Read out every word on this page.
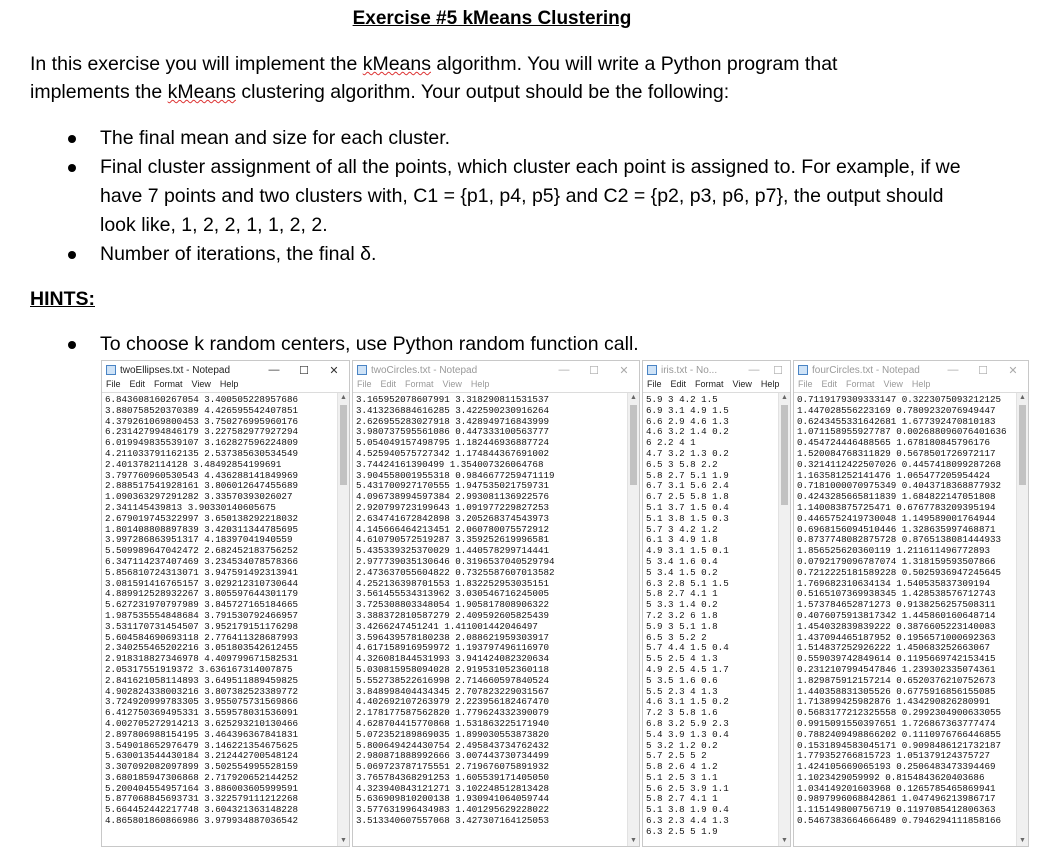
Exercise #5 kMeans Clustering
In this exercise you will implement the kMeans algorithm. You will write a Python program that
implements the kMeans clustering algorithm. Your output should be the following:
The final mean and size for each cluster.
Final cluster assignment of all the points, which cluster each point is assigned to. For example, if we have 7 points and two clusters with, C1 = {p1, p4, p5} and C2 = {p2, p3, p6, p7}, the output should look like, 1, 2, 2, 1, 1, 2, 2.
Number of iterations, the final δ.
HINTS:
To choose k random centers, use Python random function call.
twoEllipses.txt - Notepad	—	☐	✕
File Edit Format View Help
6.843608160267054 3.400505228957686
3.880758520370389 4.426595542407851
4.379261069800453 3.750276995960176
6.231427994846179 3.227582977927294
6.019949835539107 3.162827596224809
4.211033791162135 2.537385630534549
2.4013782114128 3.48492854199691
3.797760960530543 4.436288141849969
2.888517541928161 3.806012647455689
1.090363297291282 3.33570393026027
2.341145439813 3.90330140605675
2.679019745322997 3.650138292218032
1.801408808897839 3.420311344785695
3.997286863951317 4.18397041940559
5.509989647042472 2.682452183756252
6.347114237407469 3.234534078578366
5.856810724313071 3.947591492313941
3.081591416765157 3.029212310730644
4.889912528932267 3.805597644301179
5.627231970797989 3.845727165184665
1.987535554848684 3.791530792466957
3.531170731454507 3.952179151176298
5.604584690693118 2.776411328687993
2.340255465202216 3.051803542612455
2.918318827346978 4.409799671582531
2.05317551919372 3.636167314007875
2.841621058114893 3.649511889459825
4.902824338003216 3.807382523389772
3.724920999783305 3.955075731569866
6.412750369495331 3.559578031536091
4.002705272914213 3.625293210130466
2.897806988154195 3.464396367841831
3.549018652976479 3.146221354675625
5.630013544430184 3.212442700548124
3.307092082097899 3.502554995528159
3.680185947306868 2.717920652144252
5.200404554957164 3.886003605999591
5.877068845693731 3.322579111212268
5.664452442217748 3.604321363148228
4.865801860866986 3.979934887036542
▲
▼
twoCircles.txt - Notepad	—	☐	✕
File Edit Format View Help
3.165952078607991 3.318290811531537
3.413236884616285 3.422590230916264
2.626955283027918 3.428949716843999
3.980737595561086 0.447333100563777
5.054049157498795 1.182446936887724
4.525940575727342 1.174844367691002
3.74424161390499 1.354007326064768
3.904558001955318 0.9846677259471119
5.431700927170555 1.947535021759731
4.096738994597384 2.993081136922576
2.920799723199643 1.091977229827253
2.634741672842898 3.205268374543973
4.145666464213451 2.060780075572912
4.610790572519287 3.359252619996581
5.435339325370029 1.440578299714441
2.977739035130646 0.3196537040529794
2.473637055604822 0.7325587607013582
4.252136398701553 1.832252953035151
3.561455534313962 3.030546716245005
3.725308803348054 1.905817808906322
3.388372810587279 2.409592605825439
3.4266247451241 1.411001442046497
3.596439578180238 2.088621959303917
4.617158916959972 1.193797496116970
4.326081844531993 3.941424082320634
5.030815958094028 2.919531052360118
5.552738522616998 2.714660597840524
3.848998404434345 2.707823229031567
4.402692107263979 2.223956182467470
2.178177587562820 1.779624332390079
4.628704415770868 1.531863225171940
5.072352189869035 1.899030553873820
5.800649424430754 2.495843734762432
2.980871888992666 3.007443730734499
5.069723787175551 2.719676075891932
3.765784368291253 1.605539171405050
4.323940843121271 3.102248512813428
5.636909810200138 1.930941064059744
3.577631996434983 1.401295629228022
3.513340607557068 3.427307164125053
▲
▼
iris.txt - No...	—	☐
File Edit Format View Help
5.9 3 4.2 1.5
6.9 3.1 4.9 1.5
6.6 2.9 4.6 1.3
4.6 3.2 1.4 0.2
6 2.2 4 1
4.7 3.2 1.3 0.2
6.5 3 5.8 2.2
5.8 2.7 5.1 1.9
6.7 3.1 5.6 2.4
6.7 2.5 5.8 1.8
5.1 3.7 1.5 0.4
5.1 3.8 1.5 0.3
5.7 3 4.2 1.2
6.1 3 4.9 1.8
4.9 3.1 1.5 0.1
5 3.4 1.6 0.4
5 3.4 1.5 0.2
6.3 2.8 5.1 1.5
5.8 2.7 4.1 1
5 3.3 1.4 0.2
7.2 3.2 6 1.8
5.9 3 5.1 1.8
6.5 3 5.2 2
5.7 4.4 1.5 0.4
5.5 2.5 4 1.3
4.9 2.5 4.5 1.7
5 3.5 1.6 0.6
5.5 2.3 4 1.3
4.6 3.1 1.5 0.2
7.2 3 5.8 1.6
6.8 3.2 5.9 2.3
5.4 3.9 1.3 0.4
5 3.2 1.2 0.2
5.7 2.5 5 2
5.8 2.6 4 1.2
5.1 2.5 3 1.1
5.6 2.5 3.9 1.1
5.8 2.7 4.1 1
5.1 3.8 1.9 0.4
6.3 2.3 4.4 1.3
6.3 2.5 5 1.9
▲
▼
fourCircles.txt - Notepad	—	☐	✕
File Edit Format View Help
0.7119179309333147 0.3223075093212125
1.447028556223169 0.7809232076949447
0.6243455331642681 1.677392470810183
1.071158955927787 0.002688096076401636
0.454724446488565 1.678180845796176
1.520084768311829 0.5678501726972117
0.3214112422507026 0.4457418099287268
1.163581252141476 1.065477205954424
0.7181000070975349 0.4043718368877932
0.4243285665811839 1.684822147051808
1.140083875725471 0.6767783209395194
0.4465752419730048 1.149589001764944
0.6968156094510446 1.328635997468871
0.8737748082875728 0.8765138081444933
1.856525620360119 1.211611496772893
0.0792179096787074 1.318159593507866
0.7212225181589228 0.5025936947245645
1.769682310634134 1.540535837309194
0.5165107369938345 1.428538576712743
1.573784652871273 0.9138256257508311
0.4076075913817342 1.445860160648714
1.454032839839222 0.3876605223140083
1.437094465187952 0.1956571000692363
1.514837252926222 1.450683252663067
0.559039742849614 0.1195669742153415
0.2312107994547846 1.239302335074361
1.829875912157214 0.6520376210752673
1.440358831305526 0.6775916856155085
1.713899425982876 1.434290826280991
0.5683177212325558 0.2992304900633055
0.9915091550397651 1.726867363777474
0.7882409498866202 0.1110976766446855
0.1531894583045171 0.9098486121732187
1.779352766815723 1.051379124375727
1.424105669065193 0.2506483473394469
1.1023429059992 0.8154843620403686
1.034149201603968 0.1265785465869941
0.9897996068842861 1.047496213986717
1.115149800756719 0.1197085412806363
0.5467383664666489 0.7946294111858166
▲
▼
